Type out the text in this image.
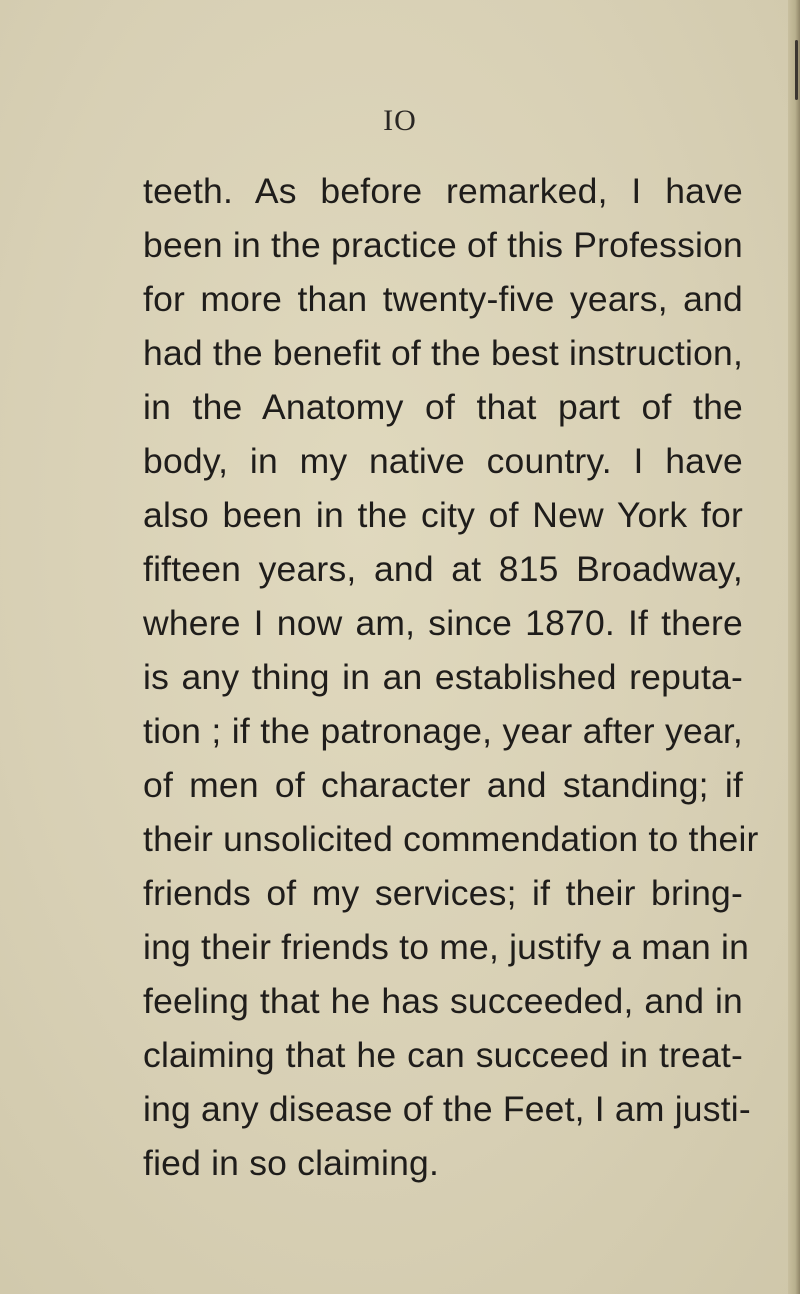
IO
teeth. As before remarked, I have
been in the practice of this Profession
for more than twenty-five years, and
had the benefit of the best instruction,
in the Anatomy of that part of the
body, in my native country. I have
also been in the city of New York for
fifteen years, and at 815 Broadway,
where I now am, since 1870. If there
is any thing in an established reputa-
tion ; if the patronage, year after year,
of men of character and standing; if
their unsolicited commendation to their
friends of my services; if their bring-
ing their friends to me, justify a man in
feeling that he has succeeded, and in
claiming that he can succeed in treat-
ing any disease of the Feet, I am justi-
fied in so claiming.
